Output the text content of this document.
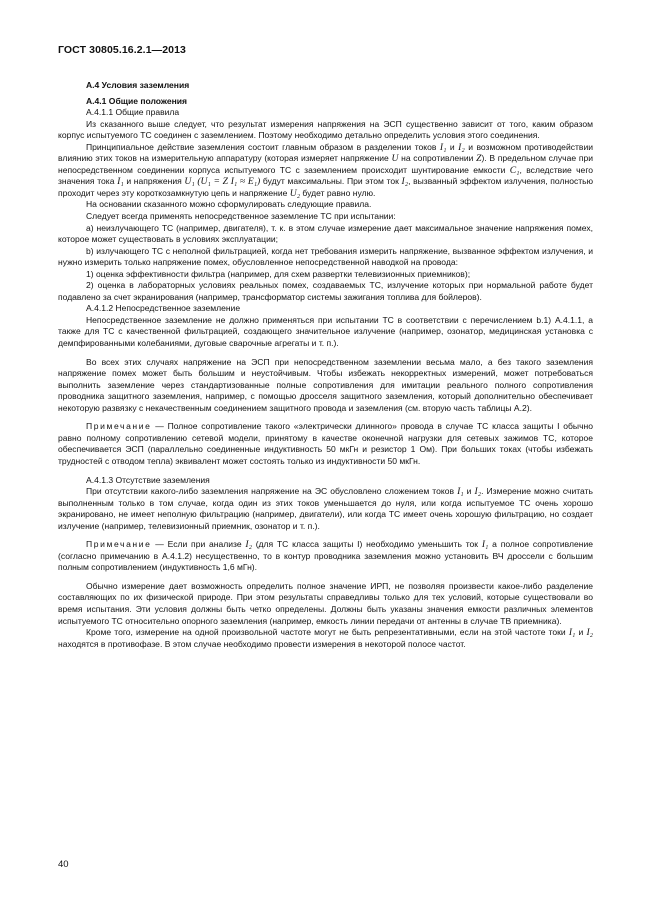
ГОСТ 30805.16.2.1—2013

А.4 Условия заземления

А.4.1 Общие положения

А.4.1.1 Общие правила

Из сказанного выше следует, что результат измерения напряжения на ЭСП существенно зависит от того, каким образом корпус испытуемого ТС соединен с заземлением. Поэтому необходимо детально определить условия этого соединения.

Принципиальное действие заземления состоит главным образом в разделении токов I₁ и I₂ и возможном противодействии влиянию этих токов на измерительную аппаратуру (которая измеряет напряжение U на сопротивлении Z). В предельном случае при непосредственном соединении корпуса испытуемого ТС с заземлением происходит шунтирование емкости C₁, вследствие чего значения тока I₁ и напряжения U₁ (U₁ = Z I₁ ≈ E₁) будут максимальны. При этом ток I₂, вызванный эффектом излучения, полностью проходит через эту короткозамкнутую цепь и напряжение U₂ будет равно нулю.

На основании сказанного можно сформулировать следующие правила.

Следует всегда применять непосредственное заземление ТС при испытании:

а) неизлучающего ТС (например, двигателя), т. к. в этом случае измерение дает максимальное значение напряжения помех, которое может существовать в условиях эксплуатации;

b) излучающего ТС с неполной фильтрацией, когда нет требования измерить напряжение, вызванное эффектом излучения, и нужно измерить только напряжение помех, обусловленное непосредственной наводкой на провода:

1) оценка эффективности фильтра (например, для схем развертки телевизионных приемников);

2) оценка в лабораторных условиях реальных помех, создаваемых ТС, излучение которых при нормальной работе будет подавлено за счет экранирования (например, трансформатор системы зажигания топлива для бойлеров).

А.4.1.2 Непосредственное заземление

Непосредственное заземление не должно применяться при испытании ТС в соответствии с перечислением b.1) А.4.1.1, а также для ТС с качественной фильтрацией, создающего значительное излучение (например, озонатор, медицинская установка с демпфированными колебаниями, дуговые сварочные агрегаты и т. п.).

Во всех этих случаях напряжение на ЭСП при непосредственном заземлении весьма мало, а без такого заземления напряжение помех может быть большим и неустойчивым. Чтобы избежать некорректных измерений, может потребоваться выполнить заземление через стандартизованные полные сопротивления для имитации реального полного сопротивления проводника защитного заземления, например, с помощью дросселя защитного заземления, который дополнительно обеспечивает некоторую развязку с некачественным соединением защитного провода и заземления (см. вторую часть таблицы А.2).

Примечание — Полное сопротивление такого «электрически длинного» провода в случае ТС класса защиты I обычно равно полному сопротивлению сетевой модели, принятому в качестве оконечной нагрузки для сетевых зажимов ТС, которое обеспечивается ЭСП (параллельно соединенные индуктивность 50 мкГн и резистор 1 Ом). При больших токах (чтобы избежать трудностей с отводом тепла) эквивалент может состоять только из индуктивности 50 мкГн.

А.4.1.3 Отсутствие заземления

При отсутствии какого-либо заземления напряжение на ЭС обусловлено сложением токов I₁ и I₂. Измерение можно считать выполненным только в том случае, когда один из этих токов уменьшается до нуля, или когда испытуемое ТС очень хорошо экранировано, не имеет неполную фильтрацию (например, двигатели), или когда ТС имеет очень хорошую фильтрацию, но создает излучение (например, телевизионный приемник, озонатор и т. п.).

Примечание — Если при анализе I₂ (для ТС класса защиты I) необходимо уменьшить ток I₁ а полное сопротивление (согласно примечанию в А.4.1.2) несущественно, то в контур проводника заземления можно установить ВЧ дроссели с большим полным сопротивлением (индуктивность 1,6 мГн).

Обычно измерение дает возможность определить полное значение ИРП, не позволяя произвести какое-либо разделение составляющих по их физической природе. При этом результаты справедливы только для тех условий, которые существовали во время испытания. Эти условия должны быть четко определены. Должны быть указаны значения емкости различных элементов испытуемого ТС относительно опорного заземления (например, емкость линии передачи от антенны в случае ТВ приемника).

Кроме того, измерение на одной произвольной частоте могут не быть репрезентативными, если на этой частоте токи I₁ и I₂ находятся в противофазе. В этом случае необходимо провести измерения в некоторой полосе частот.

40
